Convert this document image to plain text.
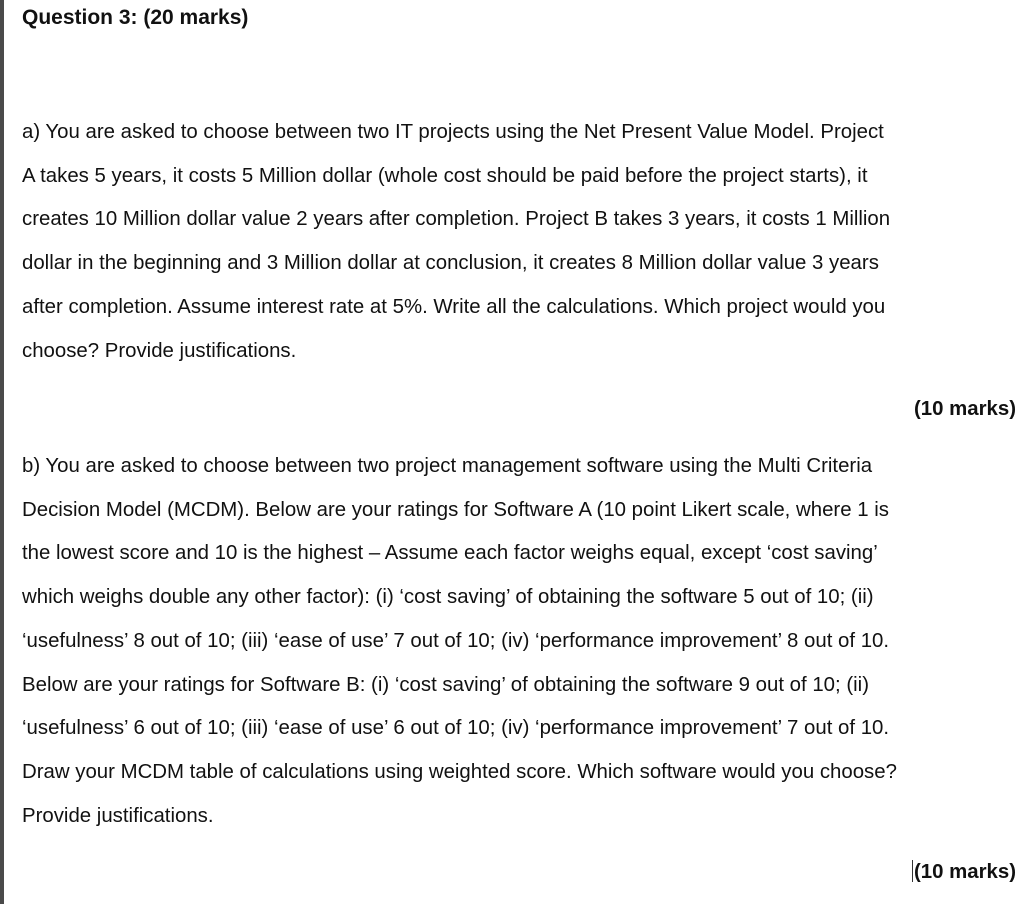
Question 3: (20 marks)
a) You are asked to choose between two IT projects using the Net Present Value Model. Project
A takes 5 years, it costs 5 Million dollar (whole cost should be paid before the project starts), it
creates 10 Million dollar value 2 years after completion. Project B takes 3 years, it costs 1 Million
dollar in the beginning and 3 Million dollar at conclusion, it creates 8 Million dollar value 3 years
after completion. Assume interest rate at 5%. Write all the calculations. Which project would you
choose? Provide justifications.
(10 marks)
b) You are asked to choose between two project management software using the Multi Criteria
Decision Model (MCDM). Below are your ratings for Software A (10 point Likert scale, where 1 is
the lowest score and 10 is the highest – Assume each factor weighs equal, except ‘cost saving’
which weighs double any other factor): (i) ‘cost saving’ of obtaining the software 5 out of 10; (ii)
‘usefulness’ 8 out of 10; (iii) ‘ease of use’ 7 out of 10; (iv) ‘performance improvement’ 8 out of 10.
Below are your ratings for Software B: (i) ‘cost saving’ of obtaining the software 9 out of 10; (ii)
‘usefulness’ 6 out of 10; (iii) ‘ease of use’ 6 out of 10; (iv) ‘performance improvement’ 7 out of 10.
Draw your MCDM table of calculations using weighted score. Which software would you choose?
Provide justifications.
(10 marks)
